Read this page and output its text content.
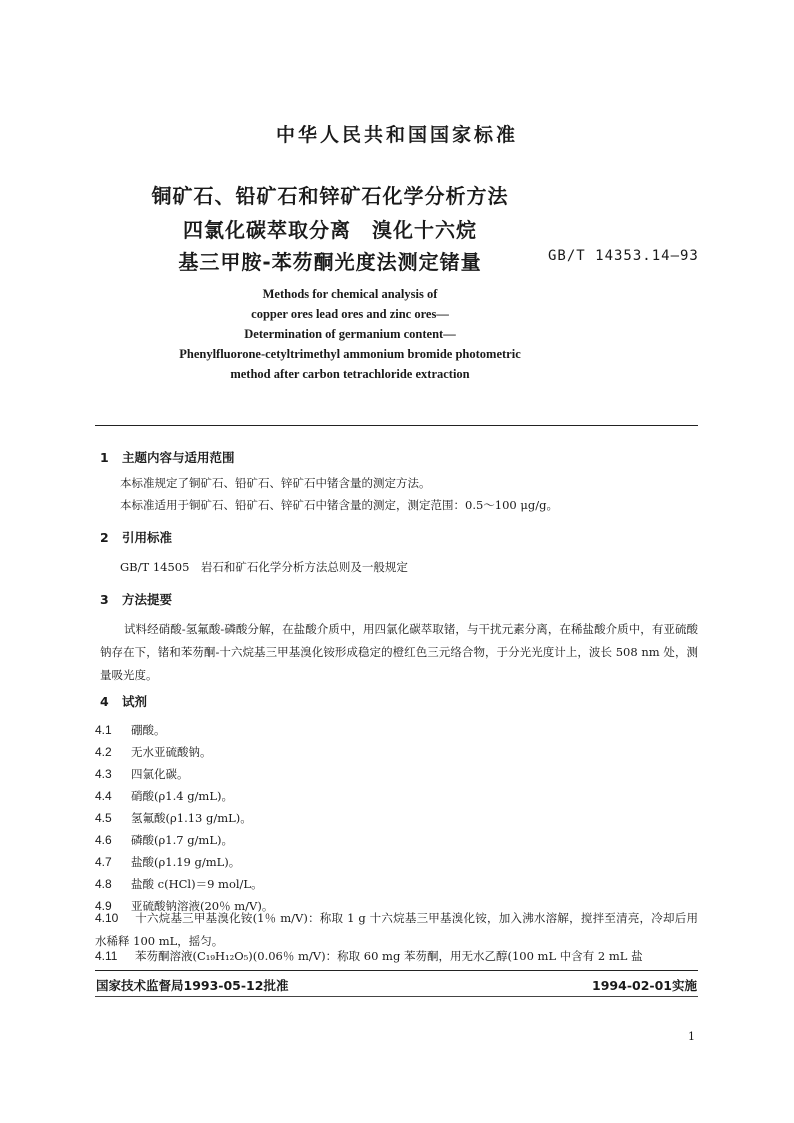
中华人民共和国国家标准
铜矿石、铅矿石和锌矿石化学分析方法
四氯化碳萃取分离　溴化十六烷
基三甲胺-苯芴酮光度法测定锗量	GB/T 14353.14—93
Methods for chemical analysis of
copper ores lead ores and zinc ores—
Determination of germanium content—
Phenylfluorone-cetyltrimethyl ammonium bromide photometric
method after carbon tetrachloride extraction
1 主题内容与适用范围
本标准规定了铜矿石、铅矿石、锌矿石中锗含量的测定方法。
本标准适用于铜矿石、铅矿石、锌矿石中锗含量的测定，测定范围：0.5～100 μg/g。
2 引用标准
GB/T 14505　岩石和矿石化学分析方法总则及一般规定
3 方法提要
试料经硝酸-氢氟酸-磷酸分解，在盐酸介质中，用四氯化碳萃取锗，与干扰元素分离，在稀盐酸介质中，有亚硫酸钠存在下，锗和苯芴酮-十六烷基三甲基溴化铵形成稳定的橙红色三元络合物，于分光光度计上，波长 508 nm 处，测量吸光度。
4 试剂
4.1 硼酸。
4.2 无水亚硫酸钠。
4.3 四氯化碳。
4.4 硝酸(ρ1.4 g/mL)。
4.5 氢氟酸(ρ1.13 g/mL)。
4.6 磷酸(ρ1.7 g/mL)。
4.7 盐酸(ρ1.19 g/mL)。
4.8 盐酸 c(HCl)＝9 mol/L。
4.9 亚硫酸钠溶液(20％ m/V)。
4.10 十六烷基三甲基溴化铵(1％ m/V)：称取 1 g 十六烷基三甲基溴化铵，加入沸水溶解，搅拌至清亮，冷却后用水稀释 100 mL，摇匀。
4.11 苯芴酮溶液(C₁₉H₁₂O₅)(0.06％ m/V)：称取 60 mg 苯芴酮，用无水乙醇(100 mL 中含有 2 mL 盐
国家技术监督局1993-05-12批准	1994-02-01实施
1
